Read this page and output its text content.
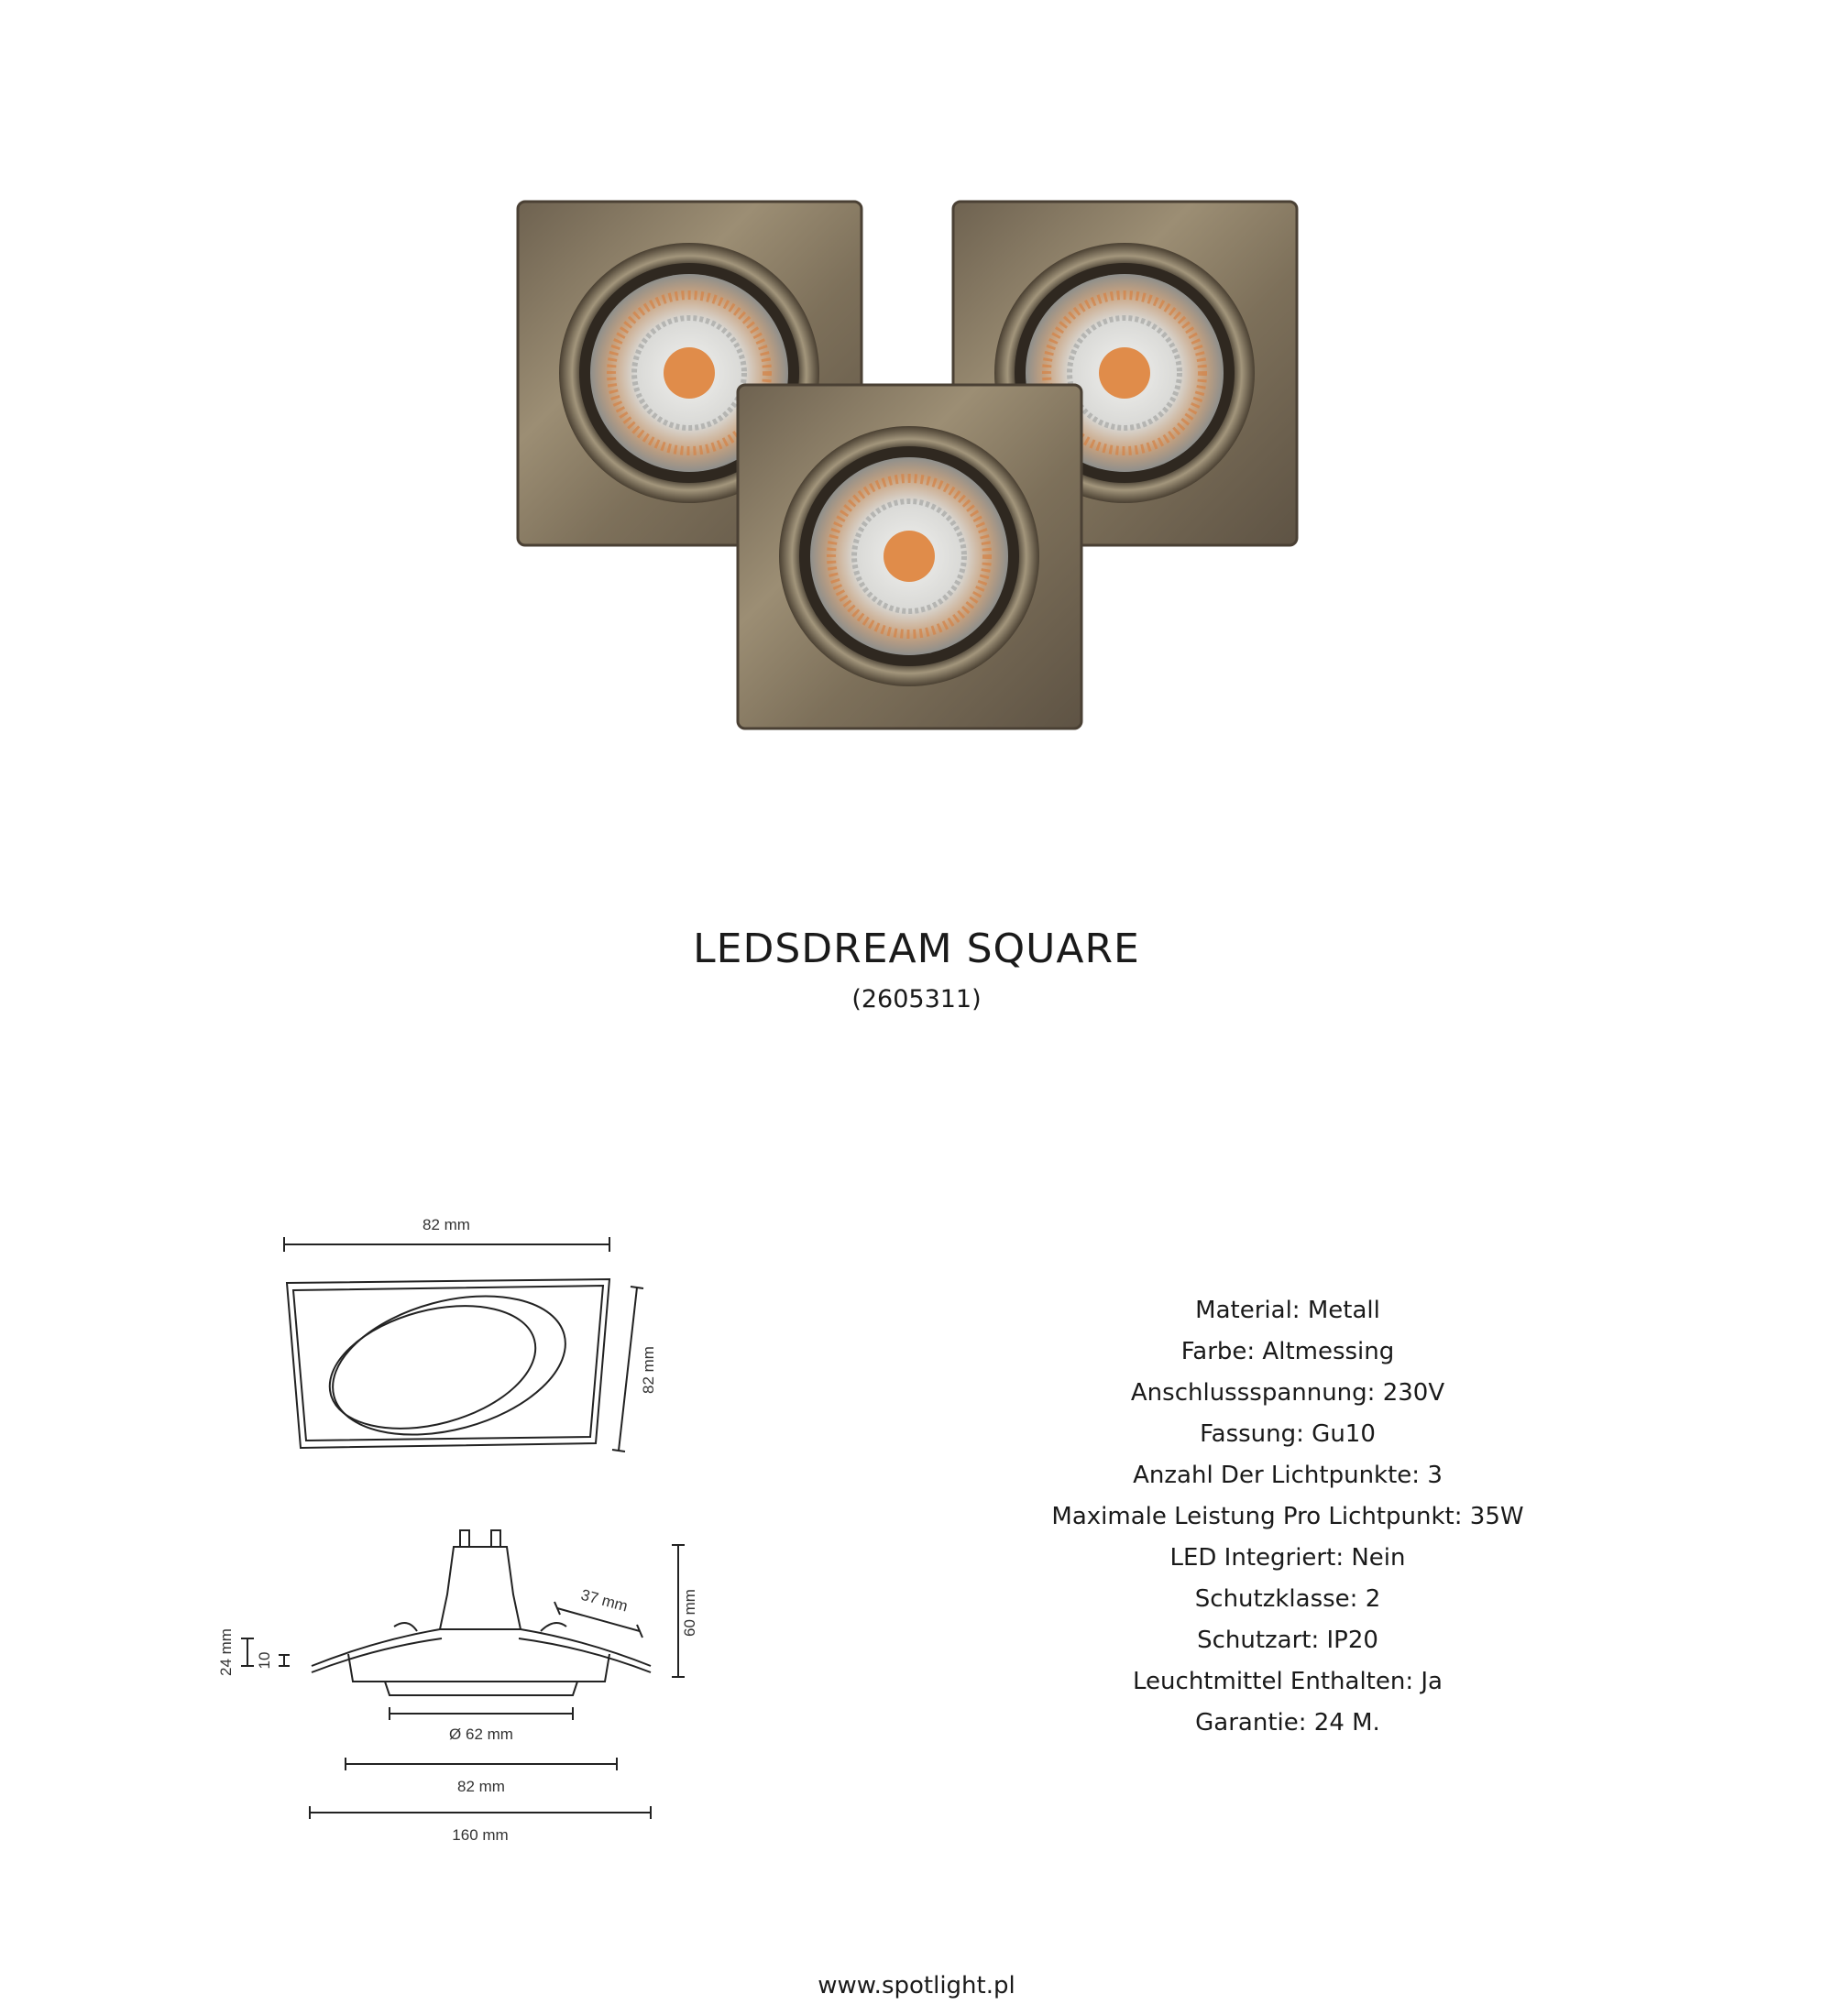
LEDSDREAM SQUARE
(2605311)
82 mm
82 mm
60 mm
37 mm
24 mm 10
Ø 62 mm
82 mm
160 mm
Material: Metall
Farbe: Altmessing
Anschlussspannung: 230V
Fassung: Gu10
Anzahl Der Lichtpunkte: 3
Maximale Leistung Pro Lichtpunkt: 35W
LED Integriert: Nein
Schutzklasse: 2
Schutzart: IP20
Leuchtmittel Enthalten: Ja
Garantie: 24 M.
www.spotlight.pl
